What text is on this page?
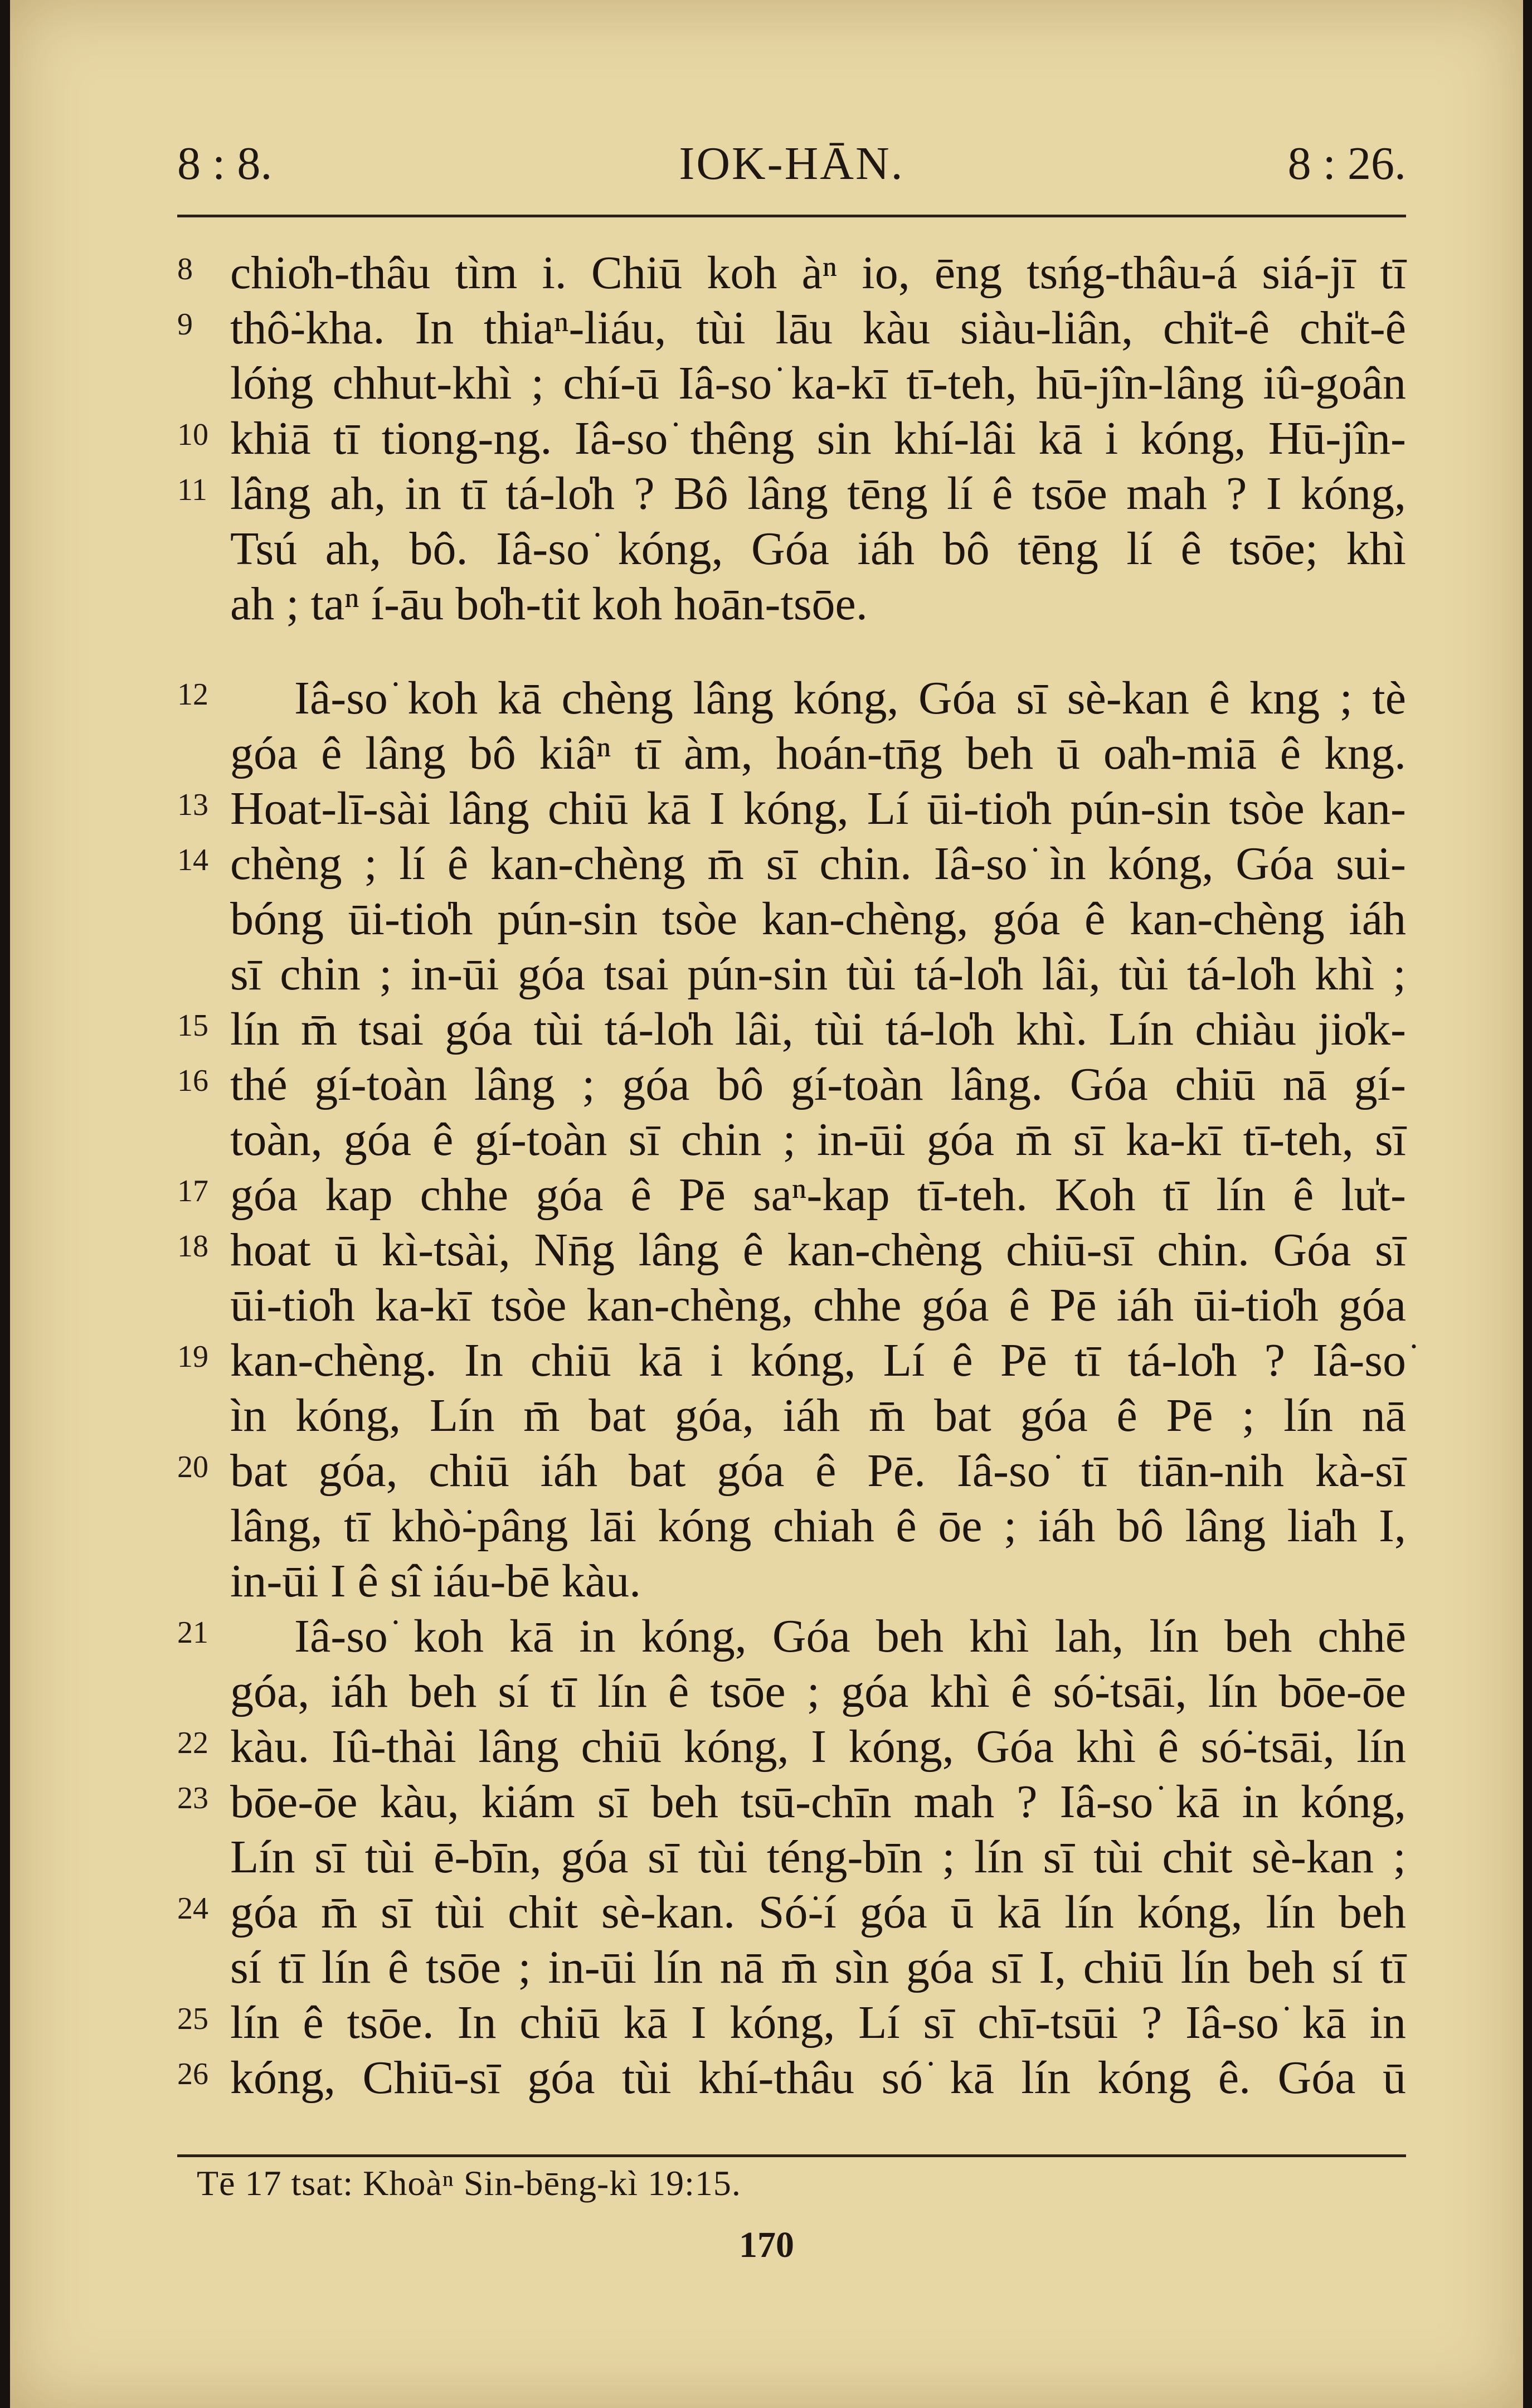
8 : 8.	IOK-HĀN.	8 : 26.
8 chio̍h-thâu tìm i. Chiū koh àⁿ io, ēng tsńg-thâu-á siá-jī tī
9 thô͘-kha. In thiaⁿ-liáu, tùi lāu kàu siàu-liân, chi̍t-ê chi̍t-ê
ló͘ng chhut-khì ; chí-ū Iâ-so͘ ka-kī tī-teh, hū-jîn-lâng iû-goân
10 khiā tī tiong-ng. Iâ-so͘ thêng sin khí-lâi kā i kóng, Hū-jîn-
11 lâng ah, in tī tá-lo̍h ? Bô lâng tēng lí ê tsōe mah ? I kóng,
Tsú ah, bô. Iâ-so͘ kóng, Góa iáh bô tēng lí ê tsōe; khì
ah ; taⁿ í-āu bo̍h-tit koh hoān-tsōe.
12 Iâ-so͘ koh kā chèng lâng kóng, Góa sī sè-kan ê kng ; tè
góa ê lâng bô kiâⁿ tī àm, hoán-tn̄g beh ū oa̍h-miā ê kng.
13 Hoat-lī-sài lâng chiū kā I kóng, Lí ūi-tio̍h pún-sin tsòe kan-
14 chèng ; lí ê kan-chèng m̄ sī chin. Iâ-so͘ ìn kóng, Góa sui-
bóng ūi-tio̍h pún-sin tsòe kan-chèng, góa ê kan-chèng iáh
sī chin ; in-ūi góa tsai pún-sin tùi tá-lo̍h lâi, tùi tá-lo̍h khì ;
15 lín m̄ tsai góa tùi tá-lo̍h lâi, tùi tá-lo̍h khì. Lín chiàu jio̍k-
16 thé gí-toàn lâng ; góa bô gí-toàn lâng. Góa chiū nā gí-
toàn, góa ê gí-toàn sī chin ; in-ūi góa m̄ sī ka-kī tī-teh, sī
17 góa kap chhe góa ê Pē saⁿ-kap tī-teh. Koh tī lín ê lu̍t-
18 hoat ū kì-tsài, Nn̄g lâng ê kan-chèng chiū-sī chin. Góa sī
ūi-tio̍h ka-kī tsòe kan-chèng, chhe góa ê Pē iáh ūi-tio̍h góa
19 kan-chèng. In chiū kā i kóng, Lí ê Pē tī tá-lo̍h ? Iâ-so͘
ìn kóng, Lín m̄ bat góa, iáh m̄ bat góa ê Pē ; lín nā
20 bat góa, chiū iáh bat góa ê Pē. Iâ-so͘ tī tiān-nih kà-sī
lâng, tī khò͘-pâng lāi kóng chiah ê ōe ; iáh bô lâng lia̍h I,
in-ūi I ê sî iáu-bē kàu.
21 Iâ-so͘ koh kā in kóng, Góa beh khì lah, lín beh chhē
góa, iáh beh sí tī lín ê tsōe ; góa khì ê só͘-tsāi, lín bōe-ōe
22 kàu. Iû-thài lâng chiū kóng, I kóng, Góa khì ê só͘-tsāi, lín
23 bōe-ōe kàu, kiám sī beh tsū-chīn mah ? Iâ-so͘ kā in kóng,
Lín sī tùi ē-bīn, góa sī tùi téng-bīn ; lín sī tùi chit sè-kan ;
24 góa m̄ sī tùi chit sè-kan. Só͘-í góa ū kā lín kóng, lín beh
sí tī lín ê tsōe ; in-ūi lín nā m̄ sìn góa sī I, chiū lín beh sí tī
25 lín ê tsōe. In chiū kā I kóng, Lí sī chī-tsūi ? Iâ-so͘ kā in
26 kóng, Chiū-sī góa tùi khí-thâu só͘ kā lín kóng ê. Góa ū
Tē 17 tsat: Khoàⁿ Sin-bēng-kì 19:15.
170
